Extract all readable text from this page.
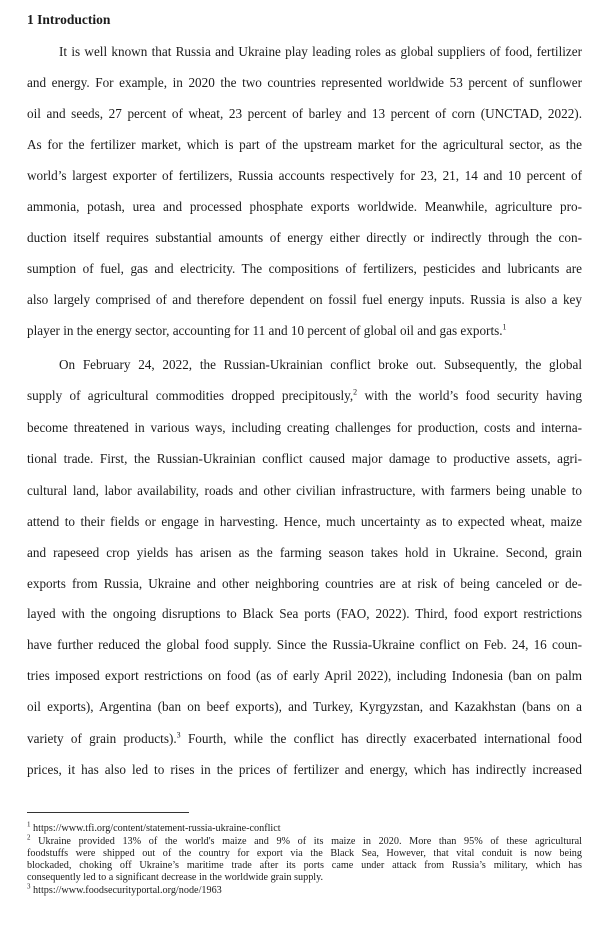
1 Introduction
It is well known that Russia and Ukraine play leading roles as global suppliers of food, fertilizer
and energy. For example, in 2020 the two countries represented worldwide 53 percent of sunflower
oil and seeds, 27 percent of wheat, 23 percent of barley and 13 percent of corn (UNCTAD, 2022).
As for the fertilizer market, which is part of the upstream market for the agricultural sector, as the
world’s largest exporter of fertilizers, Russia accounts respectively for 23, 21, 14 and 10 percent of
ammonia, potash, urea and processed phosphate exports worldwide. Meanwhile, agriculture pro-
duction itself requires substantial amounts of energy either directly or indirectly through the con-
sumption of fuel, gas and electricity. The compositions of fertilizers, pesticides and lubricants are
also largely comprised of and therefore dependent on fossil fuel energy inputs. Russia is also a key
player in the energy sector, accounting for 11 and 10 percent of global oil and gas exports.$^1$
On February 24, 2022, the Russian-Ukrainian conflict broke out. Subsequently, the global
supply of agricultural commodities dropped precipitously,$^2$ with the world’s food security having
become threatened in various ways, including creating challenges for production, costs and interna-
tional trade. First, the Russian-Ukrainian conflict caused major damage to productive assets, agri-
cultural land, labor availability, roads and other civilian infrastructure, with farmers being unable to
attend to their fields or engage in harvesting. Hence, much uncertainty as to expected wheat, maize
and rapeseed crop yields has arisen as the farming season takes hold in Ukraine. Second, grain
exports from Russia, Ukraine and other neighboring countries are at risk of being canceled or de-
layed with the ongoing disruptions to Black Sea ports (FAO, 2022). Third, food export restrictions
have further reduced the global food supply. Since the Russia-Ukraine conflict on Feb. 24, 16 coun-
tries imposed export restrictions on food (as of early April 2022), including Indonesia (ban on palm
oil exports), Argentina (ban on beef exports), and Turkey, Kyrgyzstan, and Kazakhstan (bans on a
variety of grain products).$^3$ Fourth, while the conflict has directly exacerbated international food
prices, it has also led to rises in the prices of fertilizer and energy, which has indirectly increased
$^1$ https://www.tfi.org/content/statement-russia-ukraine-conflict
$^2$ Ukraine provided 13% of the world's maize and 9% of its maize in 2020. More than 95% of these agricultural
foodstuffs were shipped out of the country for export via the Black Sea, However, that vital conduit is now being
blockaded, choking off Ukraine’s maritime trade after its ports came under attack from Russia’s military, which has
consequently led to a significant decrease in the worldwide grain supply.
$^3$ https://www.foodsecurityportal.org/node/1963
